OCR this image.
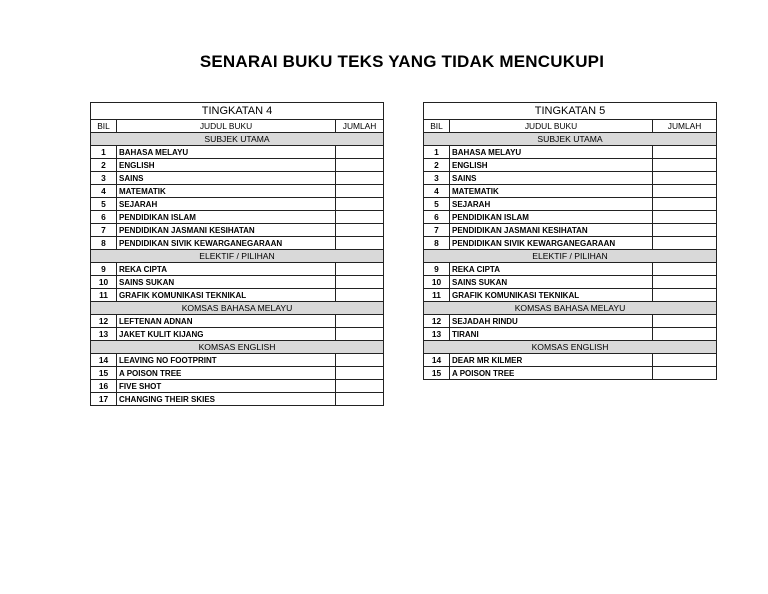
SENARAI BUKU TEKS YANG TIDAK MENCUKUPI
TINGKATAN 4		
BIL	JUDUL BUKU	JUMLAH
SUBJEK UTAMA		
1	BAHASA MELAYU	
2	ENGLISH	
3	SAINS	
4	MATEMATIK	
5	SEJARAH	
6	PENDIDIKAN ISLAM	
7	PENDIDIKAN JASMANI KESIHATAN	
8	PENDIDIKAN SIVIK KEWARGANEGARAAN	
ELEKTIF / PILIHAN		
9	REKA CIPTA	
10	SAINS SUKAN	
11	GRAFIK KOMUNIKASI TEKNIKAL	
KOMSAS BAHASA MELAYU		
12	LEFTENAN ADNAN	
13	JAKET KULIT KIJANG	
KOMSAS ENGLISH		
14	LEAVING NO FOOTPRINT	
15	A POISON TREE	
16	FIVE SHOT	
17	CHANGING THEIR SKIES	
TINGKATAN 5		
BIL	JUDUL BUKU	JUMLAH
SUBJEK UTAMA		
1	BAHASA MELAYU	
2	ENGLISH	
3	SAINS	
4	MATEMATIK	
5	SEJARAH	
6	PENDIDIKAN ISLAM	
7	PENDIDIKAN JASMANI KESIHATAN	
8	PENDIDIKAN SIVIK KEWARGANEGARAAN	
ELEKTIF / PILIHAN		
9	REKA CIPTA	
10	SAINS SUKAN	
11	GRAFIK KOMUNIKASI TEKNIKAL	
KOMSAS BAHASA MELAYU		
12	SEJADAH RINDU	
13	TIRANI	
KOMSAS ENGLISH		
14	DEAR MR KILMER	
15	A POISON TREE	
